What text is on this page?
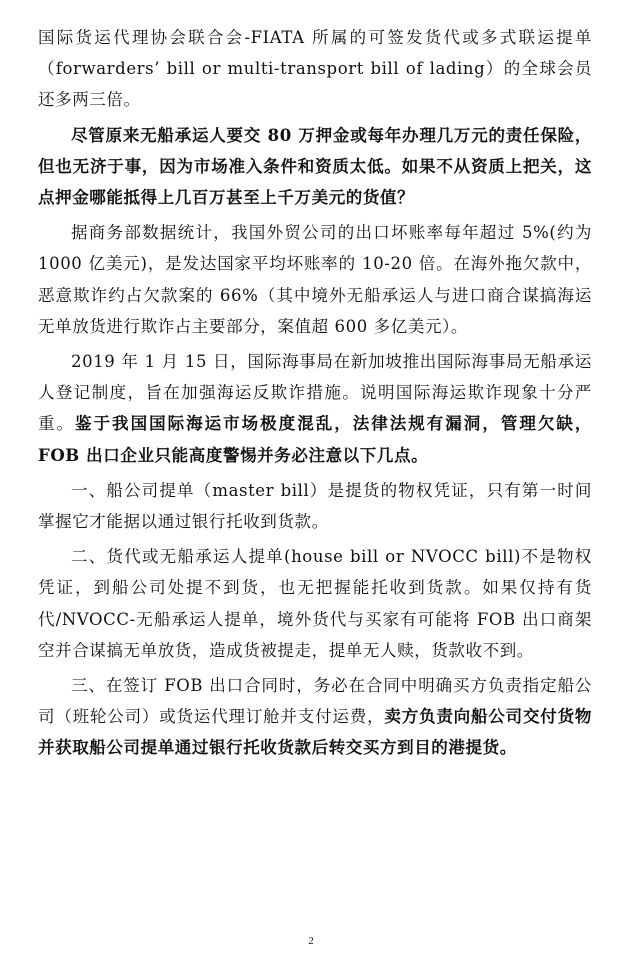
国际货运代理协会联合会-FIATA 所属的可签发货代或多式联运提单（forwarders’ bill or multi-transport bill of lading）的全球会员还多两三倍。

尽管原来无船承运人要交 80 万押金或每年办理几万元的责任保险，但也无济于事，因为市场准入条件和资质太低。如果不从资质上把关，这点押金哪能抵得上几百万甚至上千万美元的货值？

据商务部数据统计，我国外贸公司的出口坏账率每年超过 5%(约为 1000 亿美元)，是发达国家平均坏账率的 10-20 倍。在海外拖欠款中，恶意欺诈约占欠款案的 66%（其中境外无船承运人与进口商合谋搞海运无单放货进行欺诈占主要部分，案值超 600 多亿美元）。

2019 年 1 月 15 日，国际海事局在新加坡推出国际海事局无船承运人登记制度，旨在加强海运反欺诈措施。说明国际海运欺诈现象十分严重。鉴于我国国际海运市场极度混乱，法律法规有漏洞，管理欠缺，FOB 出口企业只能高度警惕并务必注意以下几点。

一、船公司提单（master bill）是提货的物权凭证，只有第一时间掌握它才能据以通过银行托收到货款。

二、货代或无船承运人提单(house bill or NVOCC bill)不是物权凭证，到船公司处提不到货，也无把握能托收到货款。如果仅持有货代/NVOCC-无船承运人提单，境外货代与买家有可能将 FOB 出口商架空并合谋搞无单放货，造成货被提走，提单无人赎，货款收不到。

三、在签订 FOB 出口合同时，务必在合同中明确买方负责指定船公司（班轮公司）或货运代理订舱并支付运费，卖方负责向船公司交付货物并获取船公司提单通过银行托收货款后转交买方到目的港提货。

2
